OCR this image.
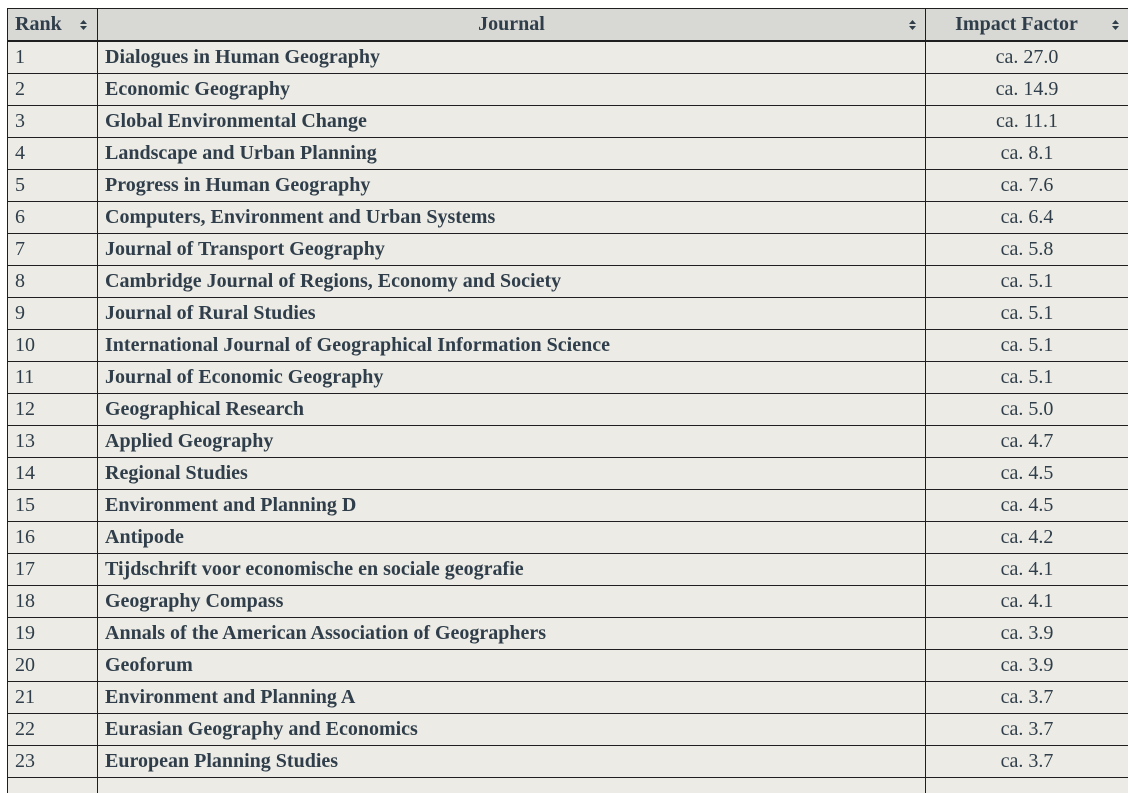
Rank	Journal	Impact Factor

1	Dialogues in Human Geography	ca. 27.0
2	Economic Geography	ca. 14.9
3	Global Environmental Change	ca. 11.1
4	Landscape and Urban Planning	ca. 8.1
5	Progress in Human Geography	ca. 7.6
6	Computers, Environment and Urban Systems	ca. 6.4
7	Journal of Transport Geography	ca. 5.8
8	Cambridge Journal of Regions, Economy and Society	ca. 5.1
9	Journal of Rural Studies	ca. 5.1
10	International Journal of Geographical Information Science	ca. 5.1
11	Journal of Economic Geography	ca. 5.1
12	Geographical Research	ca. 5.0
13	Applied Geography	ca. 4.7
14	Regional Studies	ca. 4.5
15	Environment and Planning D	ca. 4.5
16	Antipode	ca. 4.2
17	Tijdschrift voor economische en sociale geografie	ca. 4.1
18	Geography Compass	ca. 4.1
19	Annals of the American Association of Geographers	ca. 3.9
20	Geoforum	ca. 3.9
21	Environment and Planning A	ca. 3.7
22	Eurasian Geography and Economics	ca. 3.7
23	European Planning Studies	ca. 3.7
